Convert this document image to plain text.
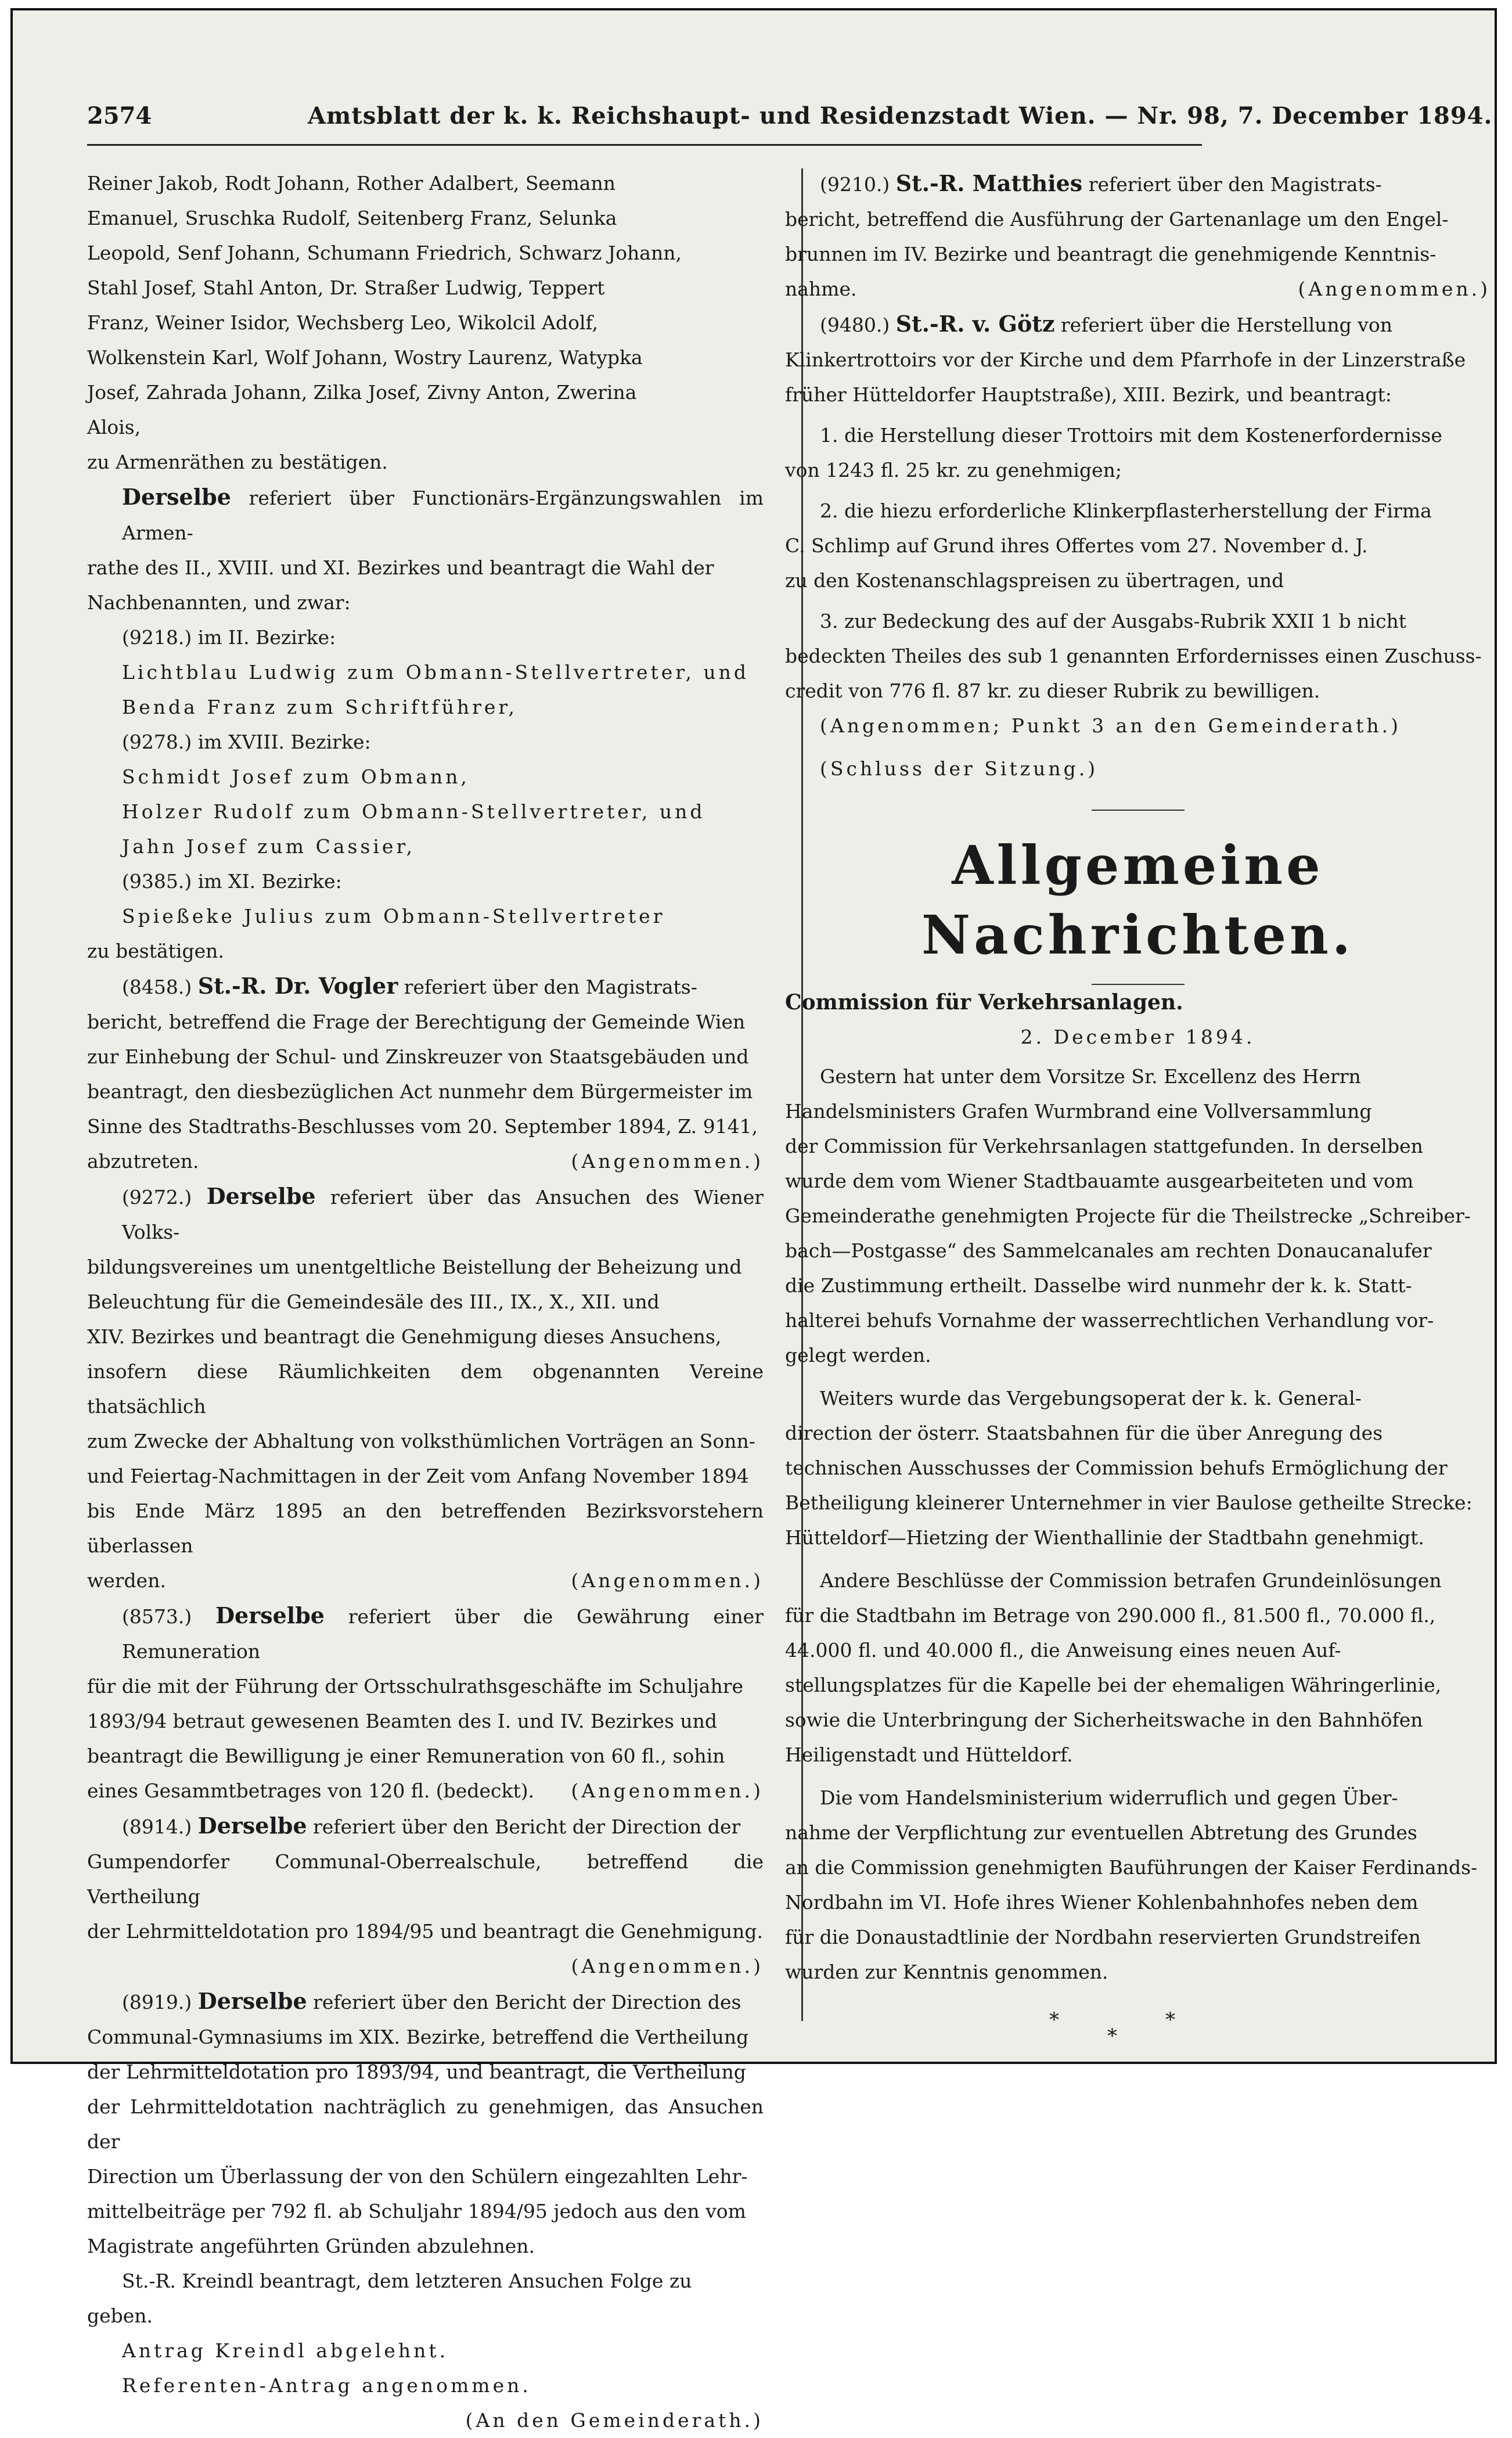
2574	Amtsblatt der k. k. Reichshaupt- und Residenzstadt Wien. — Nr. 98, 7. December 1894.

Reiner Jakob, Rodt Johann, Rother Adalbert, Seemann

Emanuel, Sruschka Rudolf, Seitenberg Franz, Selunka

Leopold, Senf Johann, Schumann Friedrich, Schwarz Johann,

Stahl Josef, Stahl Anton, Dr. Straßer Ludwig, Teppert

Franz, Weiner Isidor, Wechsberg Leo, Wikolcil Adolf,

Wolkenstein Karl, Wolf Johann, Wostry Laurenz, Watypka

Josef, Zahrada Johann, Zilka Josef, Zivny Anton, Zwerina

Alois,

zu Armenräthen zu bestätigen.

Derselbe referiert über Functionärs-Ergänzungswahlen im Armen-

rathe des II., XVIII. und XI. Bezirkes und beantragt die Wahl der

Nachbenannten, und zwar:

(9218.) im II. Bezirke:

Lichtblau Ludwig zum Obmann-Stellvertreter, und

Benda Franz zum Schriftführer,

(9278.) im XVIII. Bezirke:

Schmidt Josef zum Obmann,

Holzer Rudolf zum Obmann-Stellvertreter, und

Jahn Josef zum Cassier,

(9385.) im XI. Bezirke:

Spießeke Julius zum Obmann-Stellvertreter

zu bestätigen.

(8458.) St.-R. Dr. Vogler referiert über den Magistrats-

bericht, betreffend die Frage der Berechtigung der Gemeinde Wien

zur Einhebung der Schul- und Zinskreuzer von Staatsgebäuden und

beantragt, den diesbezüglichen Act nunmehr dem Bürgermeister im

Sinne des Stadtraths-Beschlusses vom 20. September 1894, Z. 9141,

abzutreten.	(Angenommen.)

(9272.) Derselbe referiert über das Ansuchen des Wiener Volks-

bildungsvereines um unentgeltliche Beistellung der Beheizung und

Beleuchtung für die Gemeindesäle des III., IX., X., XII. und

XIV. Bezirkes und beantragt die Genehmigung dieses Ansuchens,

insofern diese Räumlichkeiten dem obgenannten Vereine thatsächlich

zum Zwecke der Abhaltung von volksthümlichen Vorträgen an Sonn-

und Feiertag-Nachmittagen in der Zeit vom Anfang November 1894

bis Ende März 1895 an den betreffenden Bezirksvorstehern überlassen

werden.	(Angenommen.)

(8573.) Derselbe referiert über die Gewährung einer Remuneration

für die mit der Führung der Ortsschulrathsgeschäfte im Schuljahre

1893/94 betraut gewesenen Beamten des I. und IV. Bezirkes und

beantragt die Bewilligung je einer Remuneration von 60 fl., sohin

eines Gesammtbetrages von 120 fl. (bedeckt). (Angenommen.)

(8914.) Derselbe referiert über den Bericht der Direction der

Gumpendorfer Communal-Oberrealschule, betreffend die Vertheilung

der Lehrmitteldotation pro 1894/95 und beantragt die Genehmigung.

(Angenommen.)

(8919.) Derselbe referiert über den Bericht der Direction des

Communal-Gymnasiums im XIX. Bezirke, betreffend die Vertheilung

der Lehrmitteldotation pro 1893/94, und beantragt, die Vertheilung

der Lehrmitteldotation nachträglich zu genehmigen, das Ansuchen der

Direction um Überlassung der von den Schülern eingezahlten Lehr-

mittelbeiträge per 792 fl. ab Schuljahr 1894/95 jedoch aus den vom

Magistrate angeführten Gründen abzulehnen.

St.-R. Kreindl beantragt, dem letzteren Ansuchen Folge zu

geben.

Antrag Kreindl abgelehnt.

Referenten-Antrag angenommen.

(An den Gemeinderath.)

(9210.) St.-R. Matthies referiert über den Magistrats-

bericht, betreffend die Ausführung der Gartenanlage um den Engel-

brunnen im IV. Bezirke und beantragt die genehmigende Kenntnis-

nahme.	(Angenommen.)

(9480.) St.-R. v. Götz referiert über die Herstellung von

Klinkertrottoirs vor der Kirche und dem Pfarrhofe in der Linzerstraße

früher Hütteldorfer Hauptstraße), XIII. Bezirk, und beantragt:

1. die Herstellung dieser Trottoirs mit dem Kostenerfordernisse

von 1243 fl. 25 kr. zu genehmigen;

2. die hiezu erforderliche Klinkerpflasterherstellung der Firma

C. Schlimp auf Grund ihres Offertes vom 27. November d. J.

zu den Kostenanschlagspreisen zu übertragen, und

3. zur Bedeckung des auf der Ausgabs-Rubrik XXII 1 b nicht

bedeckten Theiles des sub 1 genannten Erfordernisses einen Zuschuss-

credit von 776 fl. 87 kr. zu dieser Rubrik zu bewilligen.

(Angenommen; Punkt 3 an den Gemeinderath.)

(Schluss der Sitzung.)

Allgemeine Nachrichten.

Commission für Verkehrsanlagen.

2. December 1894.

Gestern hat unter dem Vorsitze Sr. Excellenz des Herrn

Handelsministers Grafen Wurmbrand eine Vollversammlung

der Commission für Verkehrsanlagen stattgefunden. In derselben

wurde dem vom Wiener Stadtbauamte ausgearbeiteten und vom

Gemeinderathe genehmigten Projecte für die Theilstrecke „Schreiber-

bach—Postgasse“ des Sammelcanales am rechten Donaucanalufer

die Zustimmung ertheilt. Dasselbe wird nunmehr der k. k. Statt-

halterei behufs Vornahme der wasserrechtlichen Verhandlung vor-

gelegt werden.

Weiters wurde das Vergebungsoperat der k. k. General-

direction der österr. Staatsbahnen für die über Anregung des

technischen Ausschusses der Commission behufs Ermöglichung der

Betheiligung kleinerer Unternehmer in vier Baulose getheilte Strecke:

Hütteldorf—Hietzing der Wienthallinie der Stadtbahn genehmigt.

Andere Beschlüsse der Commission betrafen Grundeinlösungen

für die Stadtbahn im Betrage von 290.000 fl., 81.500 fl., 70.000 fl.,

44.000 fl. und 40.000 fl., die Anweisung eines neuen Auf-

stellungsplatzes für die Kapelle bei der ehemaligen Währingerlinie,

sowie die Unterbringung der Sicherheitswache in den Bahnhöfen

Heiligenstadt und Hütteldorf.

Die vom Handelsministerium widerruflich und gegen Über-

nahme der Verpflichtung zur eventuellen Abtretung des Grundes

an die Commission genehmigten Bauführungen der Kaiser Ferdinands-

Nordbahn im VI. Hofe ihres Wiener Kohlenbahnhofes neben dem

für die Donaustadtlinie der Nordbahn reservierten Grundstreifen

wurden zur Kenntnis genommen.

*
*
*
